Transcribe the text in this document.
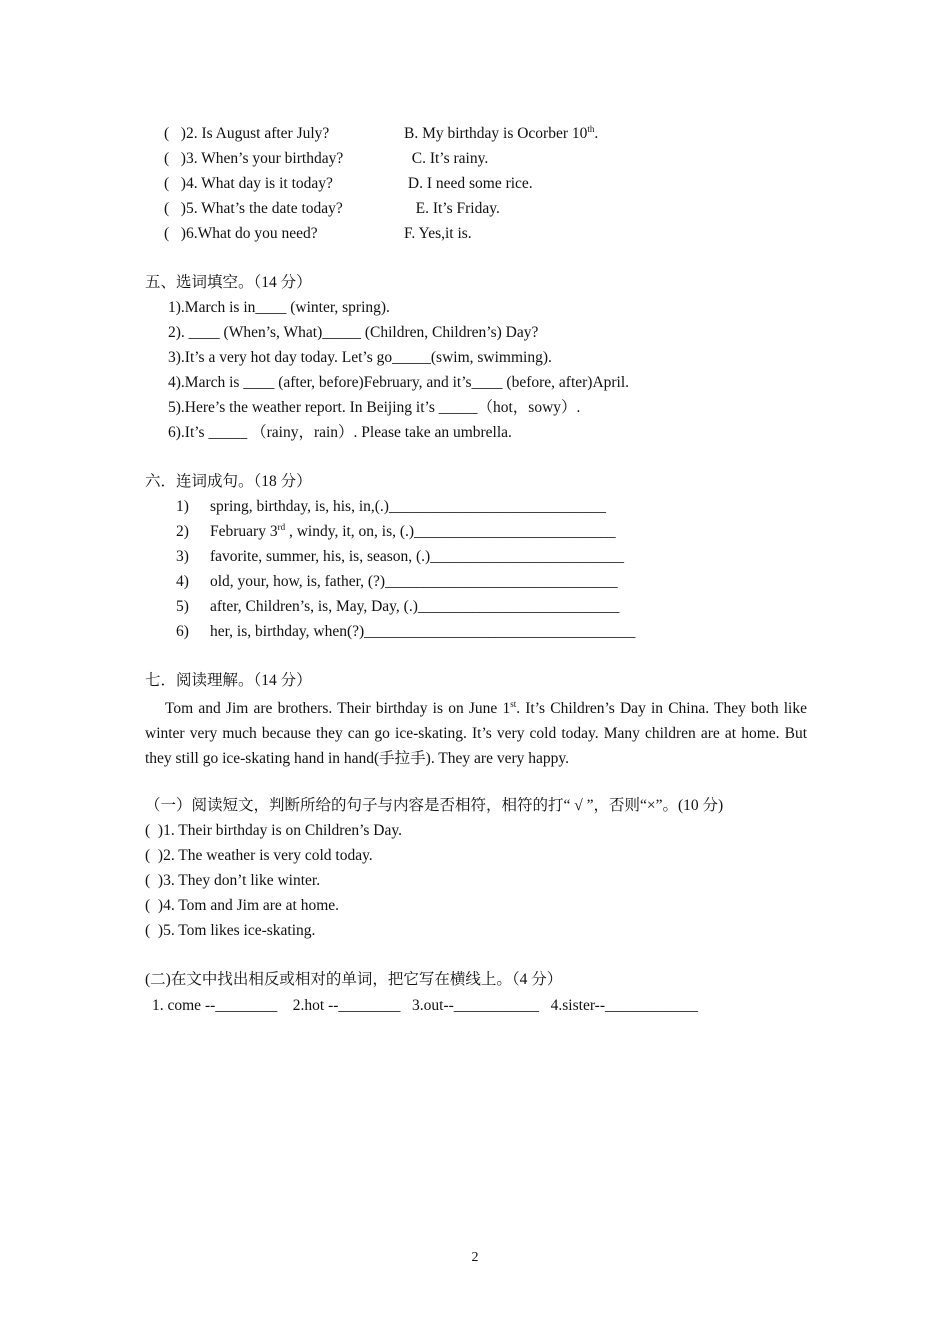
(   )2. Is August after July?	B. My birthday is Ocorber 10th.
(   )3. When’s your birthday?	C. It’s rainy.
(   )4. What day is it today?	D. I need some rice.
(   )5. What’s the date today?	E. It’s Friday.
(   )6.What do you need?	F. Yes,it is.
五、选词填空。（14 分）
1).March is in____ (winter, spring).
2). ____ (When’s, What)_____ (Children, Children’s) Day?
3).It’s a very hot day today. Let’s go_____(swim, swimming).
4).March is ____ (after, before)February, and it’s____ (before, after)April.
5).Here’s the weather report. In Beijing it’s _____（hot，sowy）.
6).It’s _____ （rainy，rain）. Please take an umbrella.
六．连词成句。（18 分）
1) spring, birthday, is, his, in,(.)____________________________
2) February 3rd , windy, it, on, is, (.)__________________________
3) favorite, summer, his, is, season, (.)_________________________
4) old, your, how, is, father, (?)______________________________
5) after, Children’s, is, May, Day, (.)__________________________
6) her, is, birthday, when(?)___________________________________
七．阅读理解。（14 分）
Tom and Jim are brothers. Their birthday is on June 1st. It’s Children’s Day in China. They both like winter very much because they can go ice-skating. It’s very cold today. Many children are at home. But they still go ice-skating hand in hand(手拉手). They are very happy.
（一）阅读短文，判断所给的句子与内容是否相符，相符的打“ √ ”，否则“×”。(10 分)
(  )1. Their birthday is on Children’s Day.
(  )2. The weather is very cold today.
(  )3. They don’t like winter.
(  )4. Tom and Jim are at home.
(  )5. Tom likes ice-skating.
(二)在文中找出相反或相对的单词，把它写在横线上。（4 分）
1. come --________    2.hot --________   3.out--___________   4.sister--____________
2
